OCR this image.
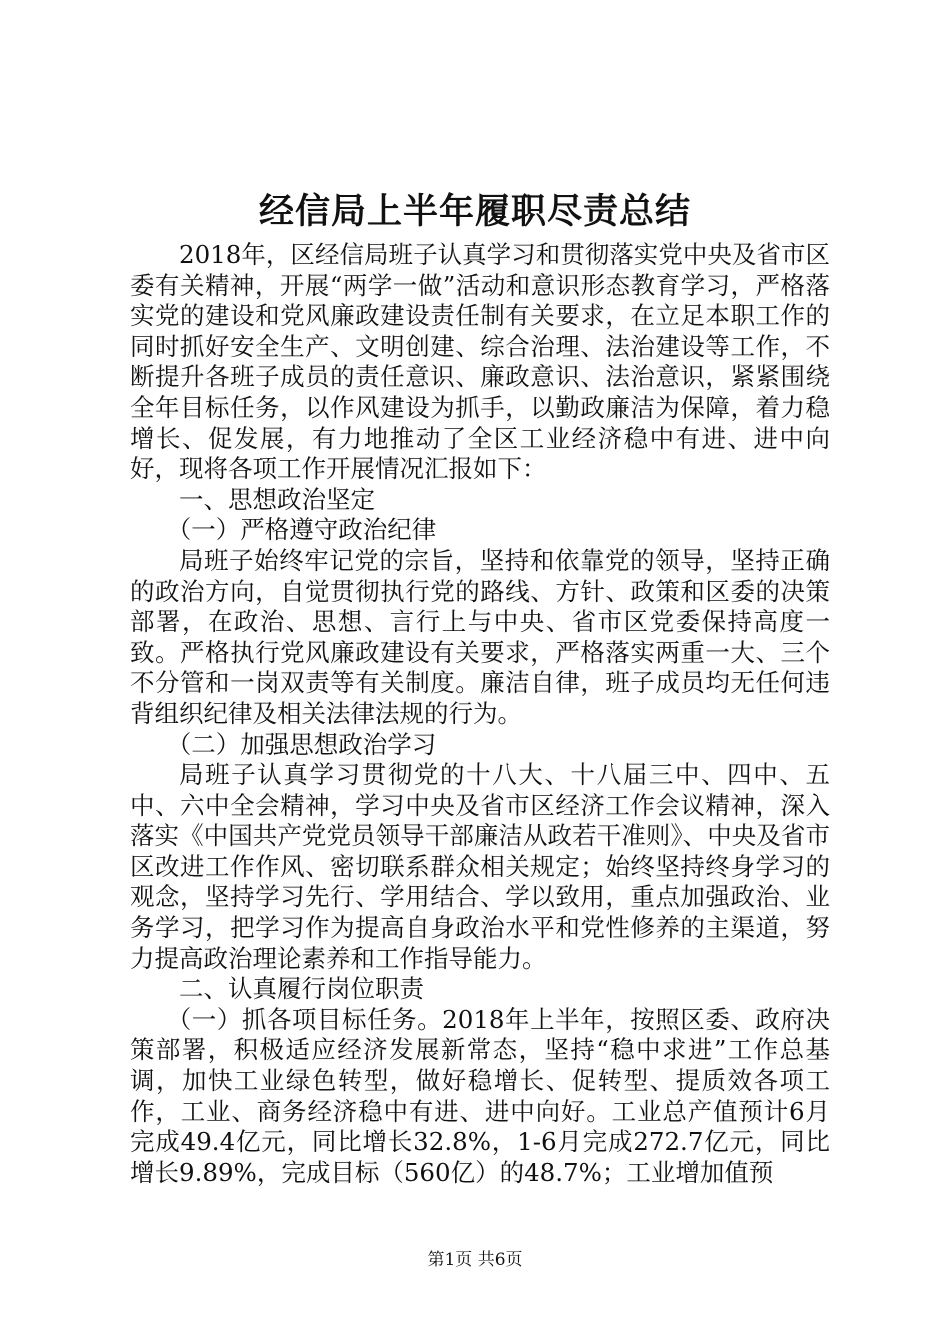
经信局上半年履职尽责总结

2018年，区经信局班子认真学习和贯彻落实党中央及省市区委有关精神，开展“两学一做”活动和意识形态教育学习，严格落实党的建设和党风廉政建设责任制有关要求，在立足本职工作的同时抓好安全生产、文明创建、综合治理、法治建设等工作，不断提升各班子成员的责任意识、廉政意识、法治意识，紧紧围绕全年目标任务，以作风建设为抓手，以勤政廉洁为保障，着力稳增长、促发展，有力地推动了全区工业经济稳中有进、进中向好，现将各项工作开展情况汇报如下：

一、思想政治坚定

（一）严格遵守政治纪律

局班子始终牢记党的宗旨，坚持和依靠党的领导，坚持正确的政治方向，自觉贯彻执行党的路线、方针、政策和区委的决策部署，在政治、思想、言行上与中央、省市区党委保持高度一致。严格执行党风廉政建设有关要求，严格落实两重一大、三个不分管和一岗双责等有关制度。廉洁自律，班子成员均无任何违背组织纪律及相关法律法规的行为。

（二）加强思想政治学习

局班子认真学习贯彻党的十八大、十八届三中、四中、五中、六中全会精神，学习中央及省市区经济工作会议精神，深入落实《中国共产党党员领导干部廉洁从政若干准则》、中央及省市区改进工作作风、密切联系群众相关规定；始终坚持终身学习的观念，坚持学习先行、学用结合、学以致用，重点加强政治、业务学习，把学习作为提高自身政治水平和党性修养的主渠道，努力提高政治理论素养和工作指导能力。

二、认真履行岗位职责

（一）抓各项目标任务。2018年上半年，按照区委、政府决策部署，积极适应经济发展新常态，坚持“稳中求进”工作总基调，加快工业绿色转型，做好稳增长、促转型、提质效各项工作，工业、商务经济稳中有进、进中向好。工业总产值预计6月完成49.4亿元，同比增长32.8%，1-6月完成272.7亿元，同比增长9.89%，完成目标（560亿）的48.7%；工业增加值预

第1页 共6页
